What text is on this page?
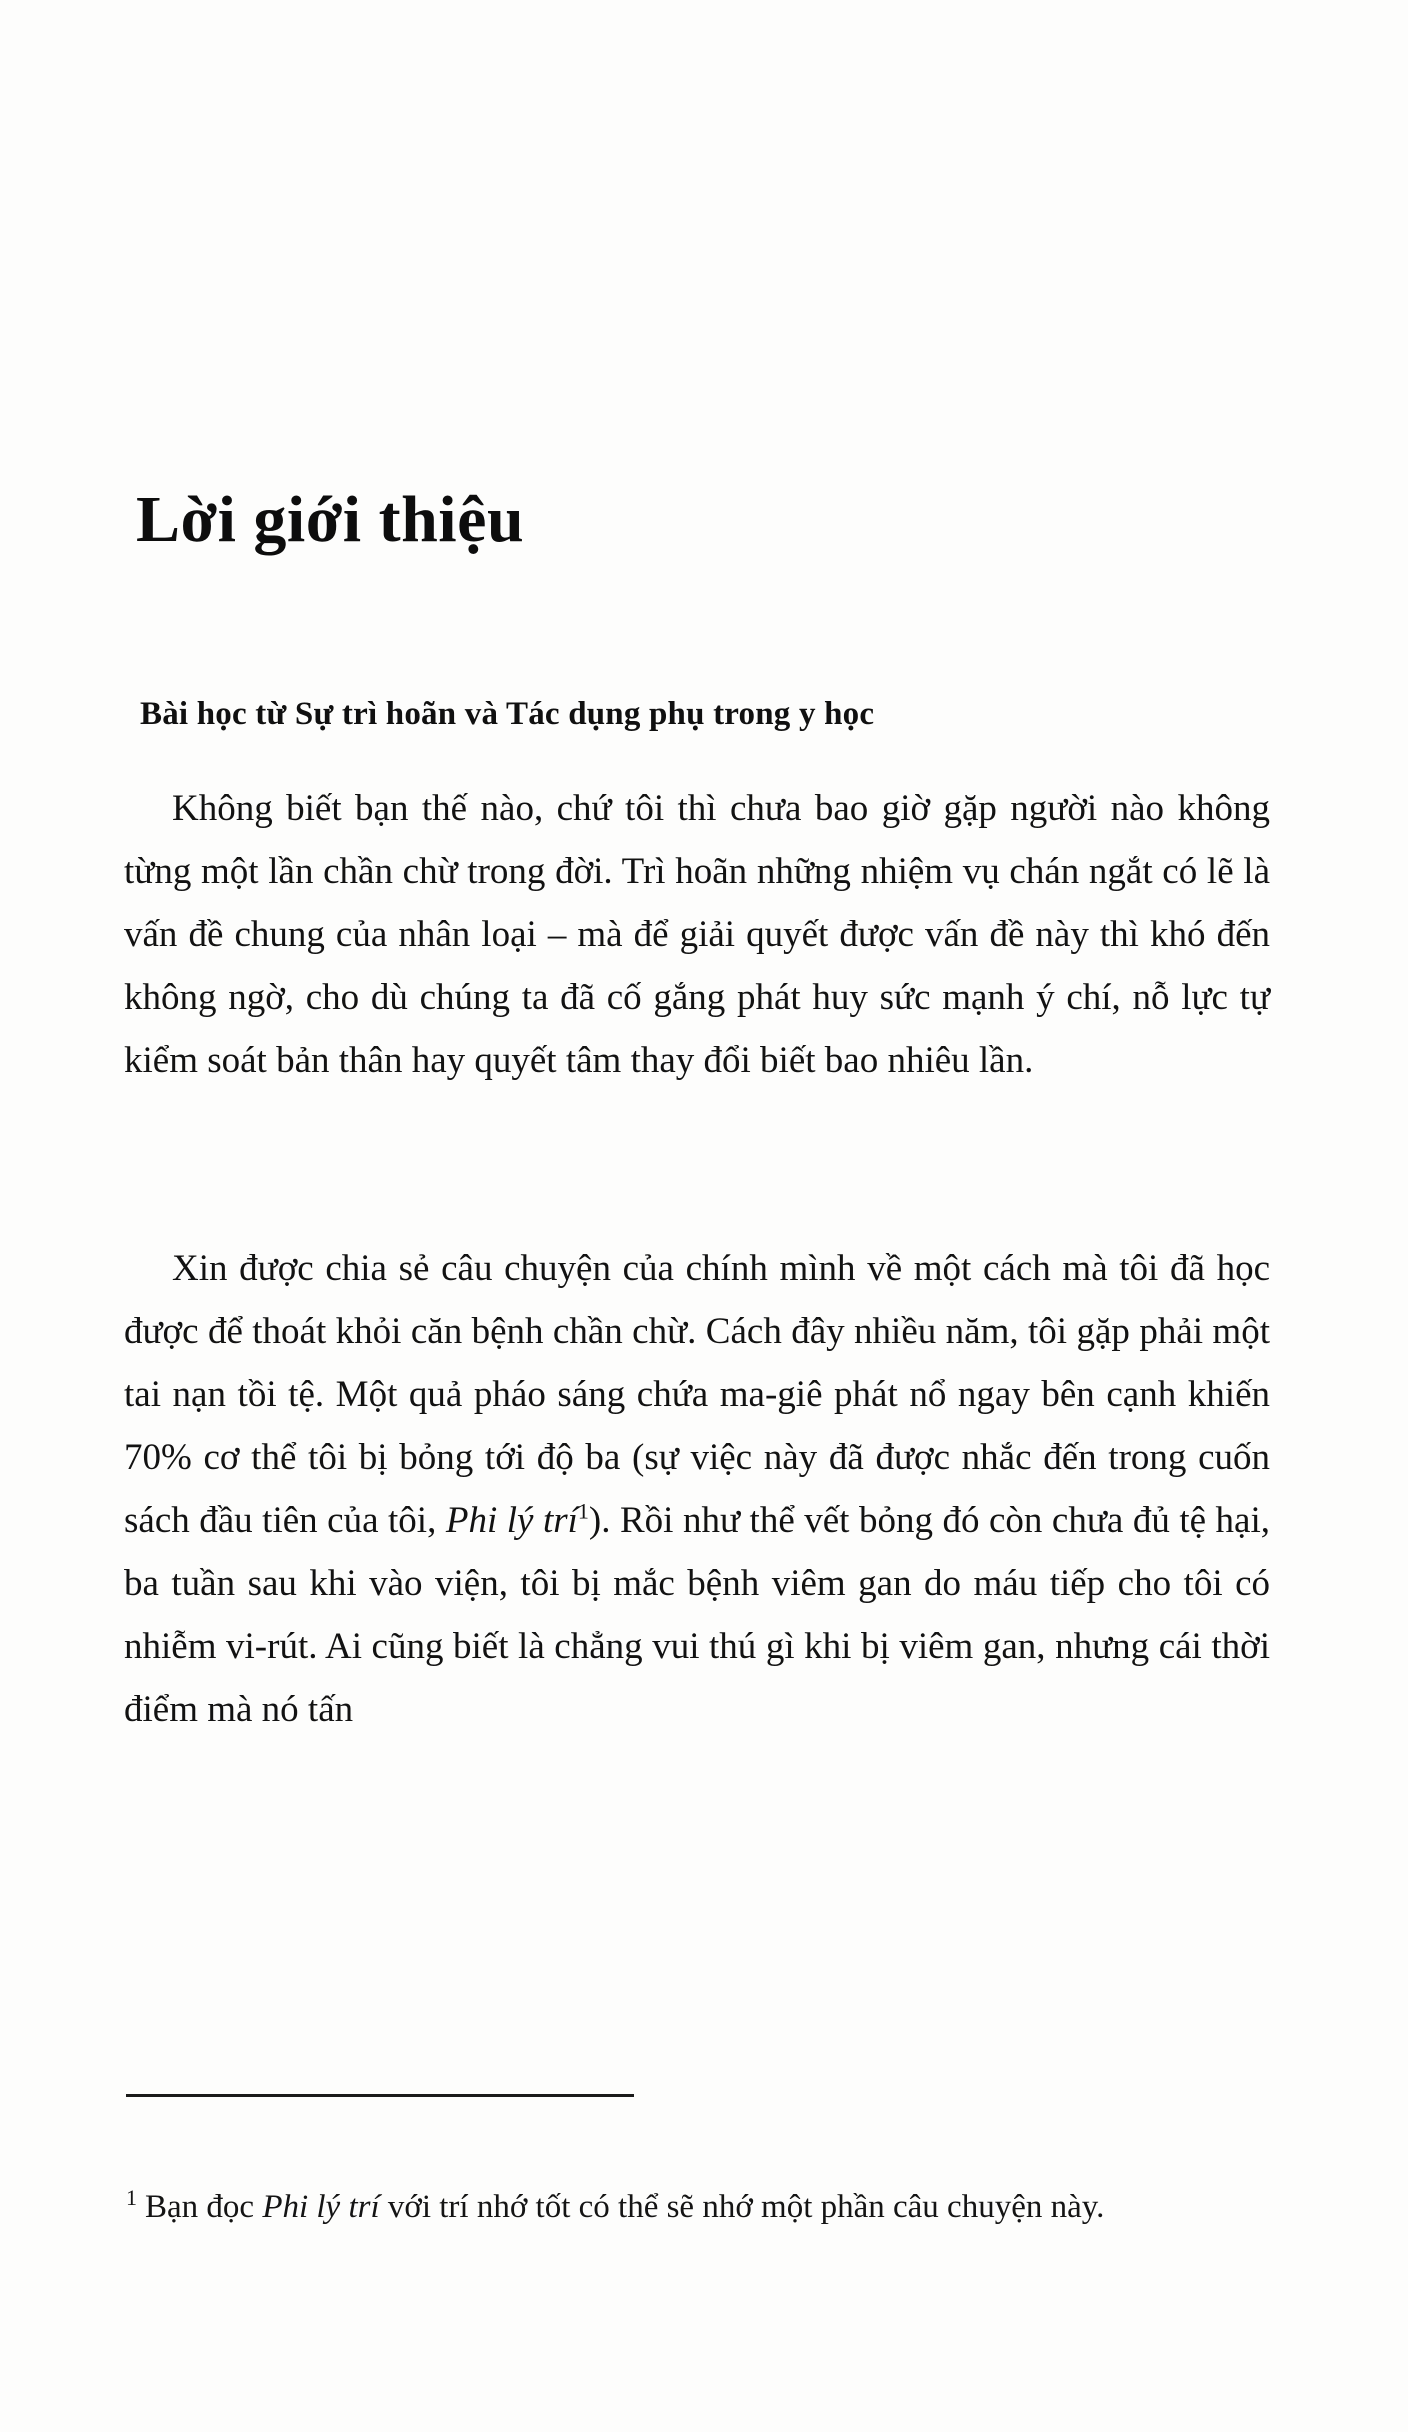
Lời giới thiệu
Bài học từ Sự trì hoãn và Tác dụng phụ trong y học

Không biết bạn thế nào, chứ tôi thì chưa bao giờ gặp người nào không từng một lần chần chừ trong đời. Trì hoãn những nhiệm vụ chán ngắt có lẽ là vấn đề chung của nhân loại – mà để giải quyết được vấn đề này thì khó đến không ngờ, cho dù chúng ta đã cố gắng phát huy sức mạnh ý chí, nỗ lực tự kiểm soát bản thân hay quyết tâm thay đổi biết bao nhiêu lần.

Xin được chia sẻ câu chuyện của chính mình về một cách mà tôi đã học được để thoát khỏi căn bệnh chần chừ. Cách đây nhiều năm, tôi gặp phải một tai nạn tồi tệ. Một quả pháo sáng chứa ma-giê phát nổ ngay bên cạnh khiến 70% cơ thể tôi bị bỏng tới độ ba (sự việc này đã được nhắc đến trong cuốn sách đầu tiên của tôi, Phi lý trí$^1$). Rồi như thể vết bỏng đó còn chưa đủ tệ hại, ba tuần sau khi vào viện, tôi bị mắc bệnh viêm gan do máu tiếp cho tôi có nhiễm vi-rút. Ai cũng biết là chẳng vui thú gì khi bị viêm gan, nhưng cái thời điểm mà nó tấn

$^1$ Bạn đọc Phi lý trí với trí nhớ tốt có thể sẽ nhớ một phần câu chuyện này.
